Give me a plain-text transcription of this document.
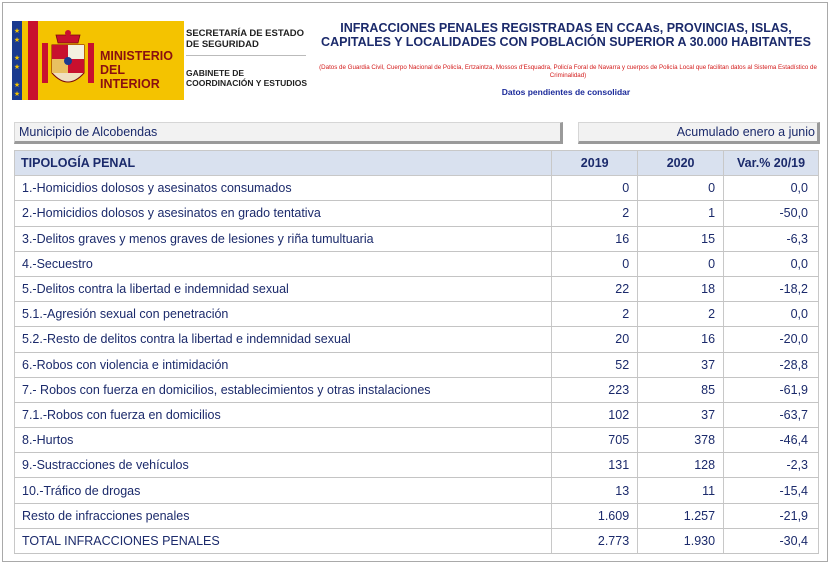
★
★

★
★

★
★
MINISTERIO
DEL INTERIOR
SECRETARÍA DE ESTADO DE SEGURIDAD
GABINETE DE COORDINACIÓN Y ESTUDIOS
INFRACCIONES PENALES REGISTRADAS EN CCAAs, PROVINCIAS, ISLAS, CAPITALES Y LOCALIDADES CON POBLACIÓN SUPERIOR A 30.000 HABITANTES
(Datos de Guardia Civil, Cuerpo Nacional de Policía, Ertzaintza, Mossos d'Esquadra, Policía Foral de Navarra y cuerpos de Policía Local que facilitan datos al Sistema Estadístico de Criminalidad)
Datos pendientes de consolidar
Municipio de Alcobendas	Acumulado enero a junio
TIPOLOGÍA PENAL	2019	2020	Var.% 20/19
1.-Homicidios dolosos y asesinatos consumados	0	0	0,0
2.-Homicidios dolosos y asesinatos en grado tentativa	2	1	-50,0
3.-Delitos graves y menos graves de lesiones y riña tumultuaria	16	15	-6,3
4.-Secuestro	0	0	0,0
5.-Delitos contra la libertad e indemnidad sexual	22	18	-18,2
5.1.-Agresión sexual con penetración	2	2	0,0
5.2.-Resto de delitos contra la libertad e indemnidad sexual	20	16	-20,0
6.-Robos con violencia e intimidación	52	37	-28,8
7.- Robos con fuerza en domicilios, establecimientos y otras instalaciones	223	85	-61,9
7.1.-Robos con fuerza en domicilios	102	37	-63,7
8.-Hurtos	705	378	-46,4
9.-Sustracciones de vehículos	131	128	-2,3
10.-Tráfico de drogas	13	11	-15,4
Resto de infracciones penales	1.609	1.257	-21,9
TOTAL INFRACCIONES PENALES	2.773	1.930	-30,4
